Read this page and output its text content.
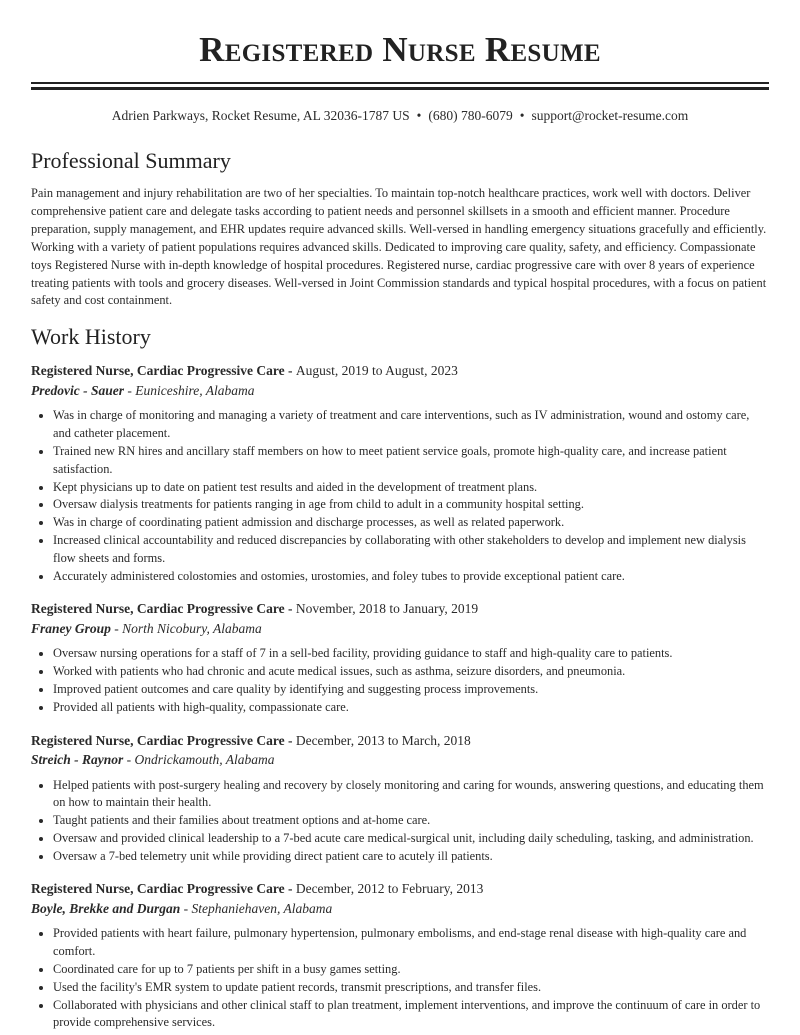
Registered Nurse Resume
Adrien Parkways, Rocket Resume, AL 32036-1787 US • (680) 780-6079 • support@rocket-resume.com
Professional Summary

Pain management and injury rehabilitation are two of her specialties. To maintain top-notch healthcare practices, work well with doctors. Deliver comprehensive patient care and delegate tasks according to patient needs and personnel skillsets in a smooth and efficient manner. Procedure preparation, supply management, and EHR updates require advanced skills. Well-versed in handling emergency situations gracefully and efficiently. Working with a variety of patient populations requires advanced skills. Dedicated to improving care quality, safety, and efficiency. Compassionate toys Registered Nurse with in-depth knowledge of hospital procedures. Registered nurse, cardiac progressive care with over 8 years of experience treating patients with tools and grocery diseases. Well-versed in Joint Commission standards and typical hospital procedures, with a focus on patient safety and cost containment.

Work History
Registered Nurse, Cardiac Progressive Care - August, 2019 to August, 2023
Predovic - Sauer - Euniceshire, Alabama
• Was in charge of monitoring and managing a variety of treatment and care interventions, such as IV administration, wound and ostomy care, and catheter placement.
• Trained new RN hires and ancillary staff members on how to meet patient service goals, promote high-quality care, and increase patient satisfaction.
• Kept physicians up to date on patient test results and aided in the development of treatment plans.
• Oversaw dialysis treatments for patients ranging in age from child to adult in a community hospital setting.
• Was in charge of coordinating patient admission and discharge processes, as well as related paperwork.
• Increased clinical accountability and reduced discrepancies by collaborating with other stakeholders to develop and implement new dialysis flow sheets and forms.
• Accurately administered colostomies and ostomies, urostomies, and foley tubes to provide exceptional patient care.
Registered Nurse, Cardiac Progressive Care - November, 2018 to January, 2019
Franey Group - North Nicobury, Alabama
• Oversaw nursing operations for a staff of 7 in a sell-bed facility, providing guidance to staff and high-quality care to patients.
• Worked with patients who had chronic and acute medical issues, such as asthma, seizure disorders, and pneumonia.
• Improved patient outcomes and care quality by identifying and suggesting process improvements.
• Provided all patients with high-quality, compassionate care.
Registered Nurse, Cardiac Progressive Care - December, 2013 to March, 2018
Streich - Raynor - Ondrickamouth, Alabama
• Helped patients with post-surgery healing and recovery by closely monitoring and caring for wounds, answering questions, and educating them on how to maintain their health.
• Taught patients and their families about treatment options and at-home care.
• Oversaw and provided clinical leadership to a 7-bed acute care medical-surgical unit, including daily scheduling, tasking, and administration.
• Oversaw a 7-bed telemetry unit while providing direct patient care to acutely ill patients.
Registered Nurse, Cardiac Progressive Care - December, 2012 to February, 2013
Boyle, Brekke and Durgan - Stephaniehaven, Alabama
• Provided patients with heart failure, pulmonary hypertension, pulmonary embolisms, and end-stage renal disease with high-quality care and comfort.
• Coordinated care for up to 7 patients per shift in a busy games setting.
• Used the facility's EMR system to update patient records, transmit prescriptions, and transfer files.
• Collaborated with physicians and other clinical staff to plan treatment, implement interventions, and improve the continuum of care in order to provide comprehensive services.
